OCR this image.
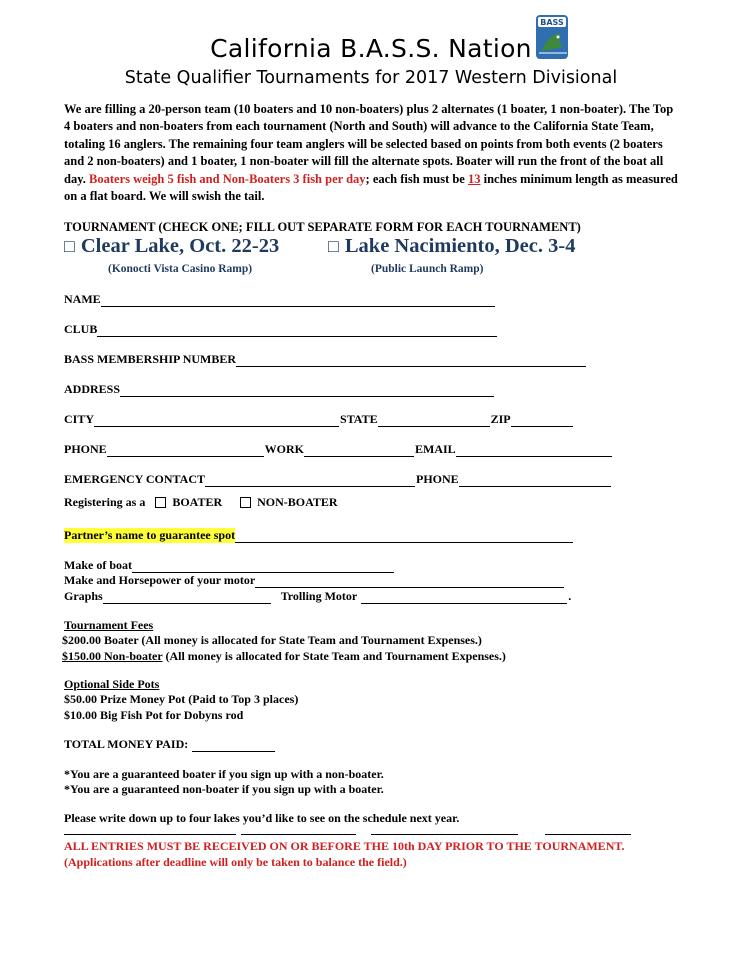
California B.A.S.S. Nation
BASS
State Qualifier Tournaments for 2017 Western Divisional
We are filling a 20-person team (10 boaters and 10 non-boaters) plus 2 alternates (1 boater, 1 non-boater). The Top 4 boaters and non-boaters from each tournament (North and South) will advance to the California State Team, totaling 16 anglers. The remaining four team anglers will be selected based on points from both events (2 boaters and 2 non-boaters) and 1 boater, 1 non-boater will fill the alternate spots. Boater will run the front of the boat all day. Boaters weigh 5 fish and Non-Boaters 3 fish per day; each fish must be 13 inches minimum length as measured on a flat board. We will swish the tail.
TOURNAMENT (CHECK ONE; FILL OUT SEPARATE FORM FOR EACH TOURNAMENT)
□ Clear Lake, Oct. 22-23
(Konocti Vista Casino Ramp)
□ Lake Nacimiento, Dec. 3-4
(Public Launch Ramp)
NAME
CLUB
BASS MEMBERSHIP NUMBER
ADDRESS
CITY	STATE	ZIP
PHONE	WORK	EMAIL
EMERGENCY CONTACT	PHONE
Registering as a BOATER	NON-BOATER
Partner’s name to guarantee spot
Make of boat
Make and Horsepower of your motor
Graphs	Trolling Motor	.
Tournament Fees
$200.00 Boater (All money is allocated for State Team and Tournament Expenses.)
$150.00 Non-boater (All money is allocated for State Team and Tournament Expenses.)
Optional Side Pots
$50.00 Prize Money Pot (Paid to Top 3 places)
$10.00 Big Fish Pot for Dobyns rod
TOTAL MONEY PAID:
*You are a guaranteed boater if you sign up with a non-boater.
*You are a guaranteed non-boater if you sign up with a boater.
Please write down up to four lakes you’d like to see on the schedule next year.
ALL ENTRIES MUST BE RECEIVED ON OR BEFORE THE 10th DAY PRIOR TO THE TOURNAMENT.
(Applications after deadline will only be taken to balance the field.)
